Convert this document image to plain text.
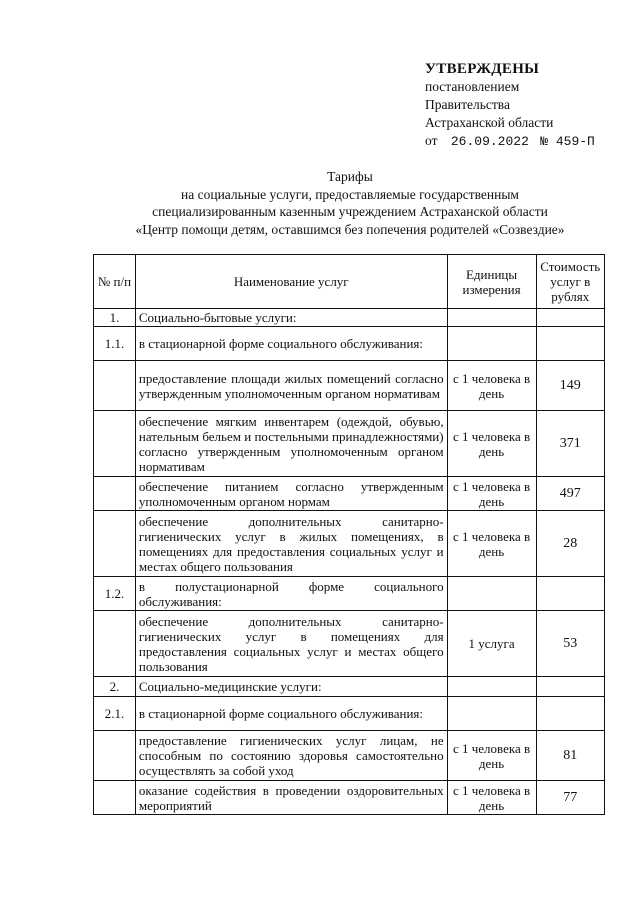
УТВЕРЖДЕНЫ
постановлением
Правительства
Астраханской области
от 26.09.2022 № 459-П
Тарифы
на социальные услуги, предоставляемые государственным
специализированным казенным учреждением Астраханской области
«Центр помощи детям, оставшимся без попечения родителей «Созвездие»
№ п/п	Наименование услуг	Единицы измерения	Стоимость услуг в рублях
1.	Социально-бытовые услуги:		
1.1.	в стационарной форме социального обслуживания:		
	предоставление площади жилых помещений согласно утвержденным уполномоченным органом нормативам	с 1 человека в день	149
	обеспечение мягким инвентарем (одеждой, обувью, нательным бельем и постельными принадлежностями) согласно утвержденным уполномоченным органом нормативам	с 1 человека в день	371
	обеспечение питанием согласно утвержденным уполномоченным органом нормам	с 1 человека в день	497
	обеспечение дополнительных санитарно-гигиенических услуг в жилых помещениях, в помещениях для предоставления социальных услуг и местах общего пользования	с 1 человека в день	28
1.2.	в полустационарной форме социального обслуживания:		
	обеспечение дополнительных санитарно-гигиенических услуг в помещениях для предоставления социальных услуг и местах общего пользования	1 услуга	53
2.	Социально-медицинские услуги:		
2.1.	в стационарной форме социального обслуживания:		
	предоставление гигиенических услуг лицам, не способным по состоянию здоровья самостоятельно осуществлять за собой уход	с 1 человека в день	81
	оказание содействия в проведении оздоровительных мероприятий	с 1 человека в день	77
